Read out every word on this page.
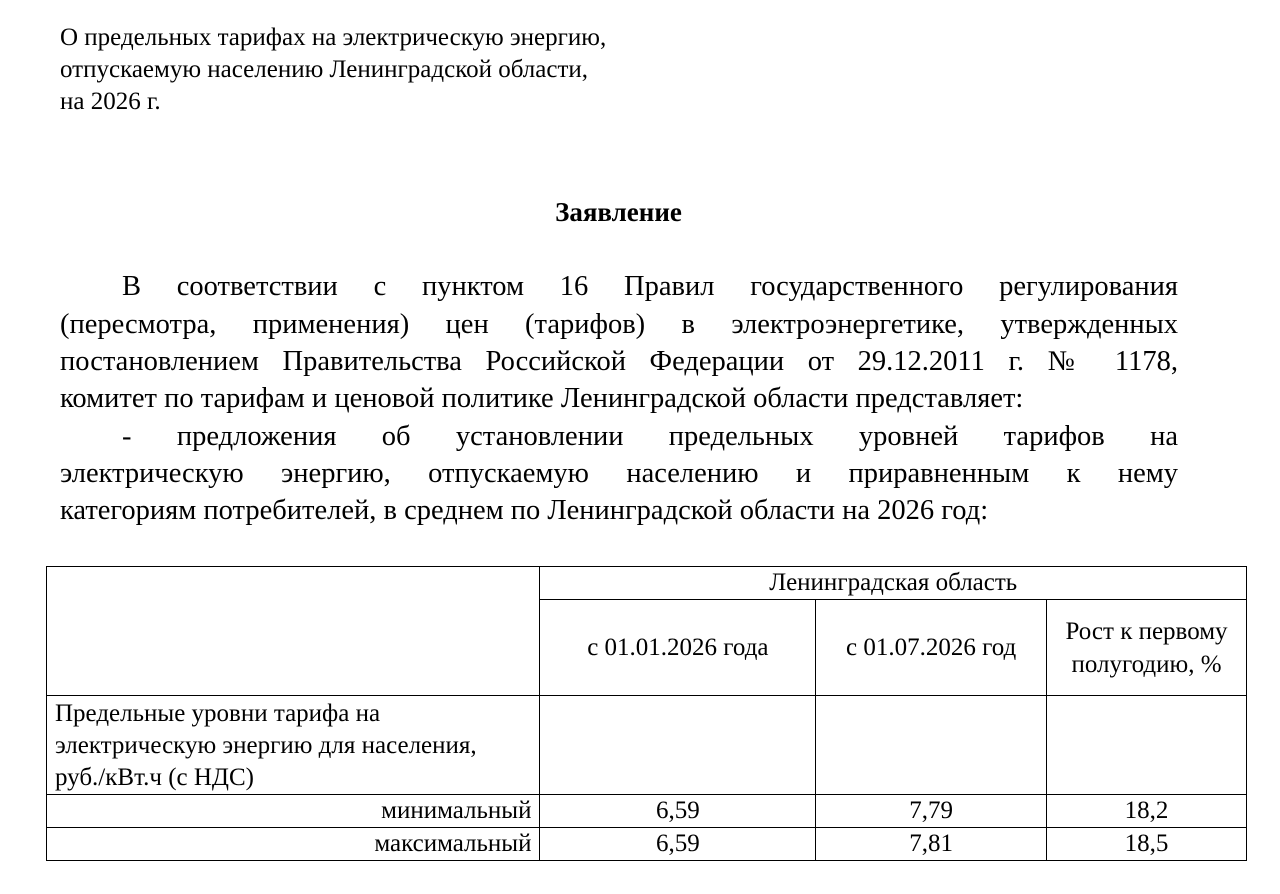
О предельных тарифах на электрическую энергию,
отпускаемую населению Ленинградской области,
на 2026 г.
Заявление
В соответствии с пунктом 16 Правил государственного регулирования
(пересмотра, применения) цен (тарифов) в электроэнергетике, утвержденных
постановлением Правительства Российской Федерации от 29.12.2011 г. № 1178,
комитет по тарифам и ценовой политике Ленинградской области представляет:
- предложения об установлении предельных уровней тарифов на
электрическую энергию, отпускаемую населению и приравненным к нему
категориям потребителей, в среднем по Ленинградской области на 2026 год:
	Ленинградская область		
	с 01.01.2026 года	с 01.07.2026 год	Рост к первому полугодию, %
Предельные уровни тарифа на электрическую энергию для населения, руб./кВт.ч (с НДС)			
минимальный	6,59	7,79	18,2
максимальный	6,59	7,81	18,5
